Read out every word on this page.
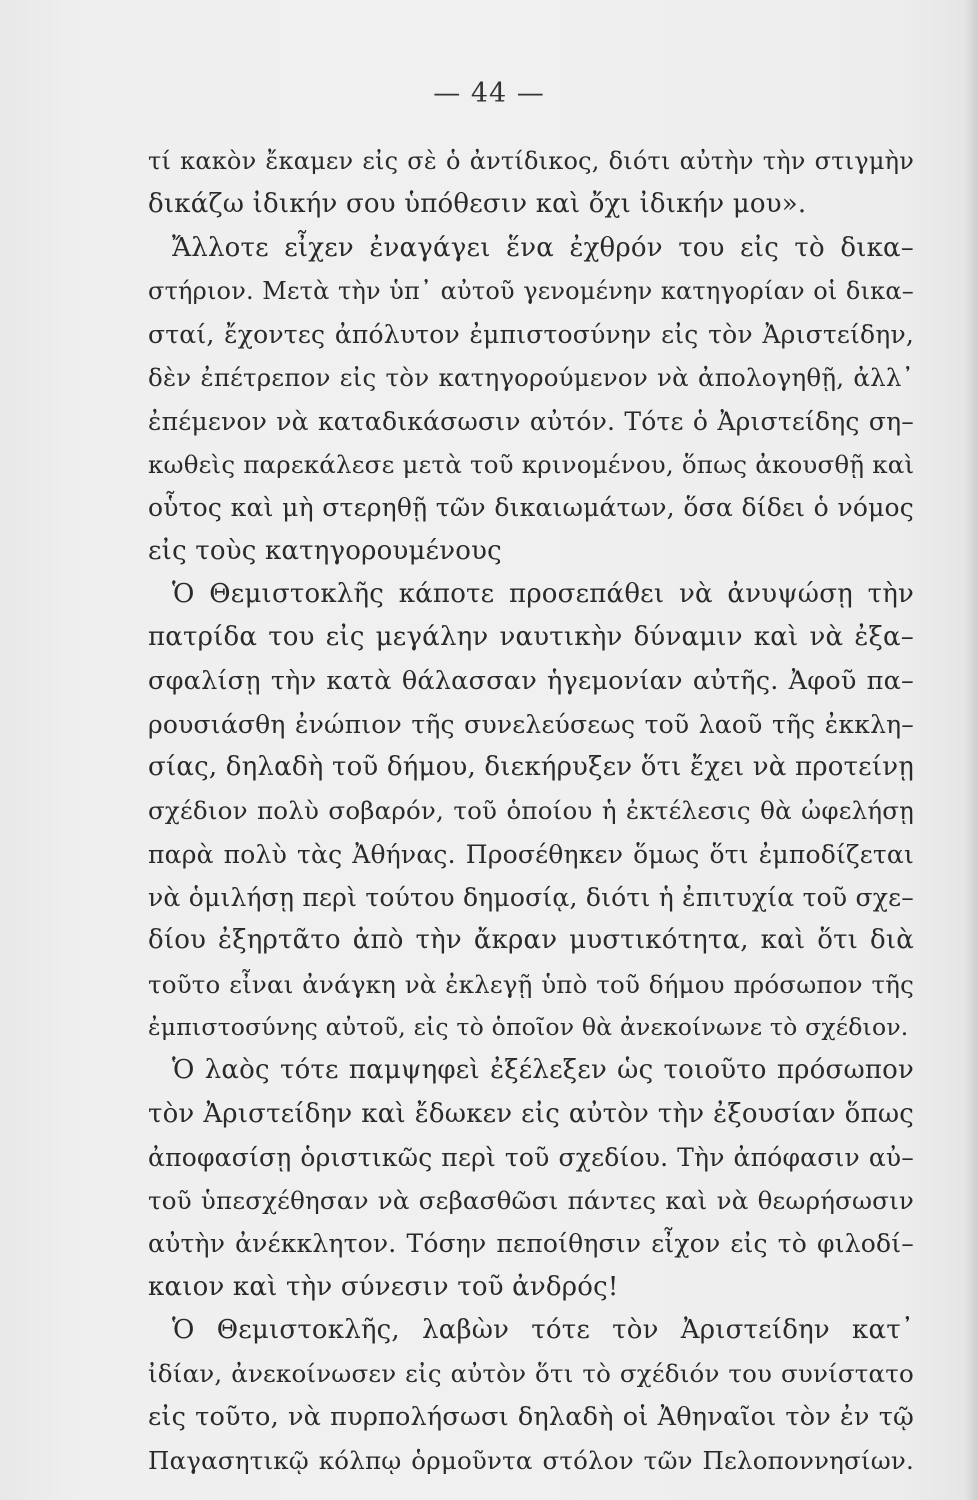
— 44 —
τί κακὸν ἔκαμεν εἰς σὲ ὁ ἀντίδικος, διότι αὐτὴν τὴν στιγμὴν
δικάζω ἰδικήν σου ὑπόθεσιν καὶ ὄχι ἰδικήν μου».
Ἄλλοτε εἶχεν ἐναγάγει ἕνα ἐχθρόν του εἰς τὸ δικα–
στήριον. Μετὰ τὴν ὑπ᾽ αὐτοῦ γενομένην κατηγορίαν οἱ δικα–
σταί, ἔχοντες ἀπόλυτον ἐμπιστοσύνην εἰς τὸν Ἀριστείδην,
δὲν ἐπέτρεπον εἰς τὸν κατηγορούμενον νὰ ἀπολογηθῇ, ἀλλ᾽
ἐπέμενον νὰ καταδικάσωσιν αὐτόν. Τότε ὁ Ἀριστείδης ση–
κωθεὶς παρεκάλεσε μετὰ τοῦ κρινομένου, ὅπως ἀκουσθῇ καὶ
οὗτος καὶ μὴ στερηθῇ τῶν δικαιωμάτων, ὅσα δίδει ὁ νόμος
εἰς τοὺς κατηγορουμένους
Ὁ Θεμιστοκλῆς κάποτε προσεπάθει νὰ ἀνυψώσῃ τὴν
πατρίδα του εἰς μεγάλην ναυτικὴν δύναμιν καὶ νὰ ἐξα–
σφαλίσῃ τὴν κατὰ θάλασσαν ἡγεμονίαν αὐτῆς. Ἀφοῦ πα–
ρουσιάσθη ἐνώπιον τῆς συνελεύσεως τοῦ λαοῦ τῆς ἐκκλη–
σίας, δηλαδὴ τοῦ δήμου, διεκήρυξεν ὅτι ἔχει νὰ προτείνῃ
σχέδιον πολὺ σοβαρόν, τοῦ ὁποίου ἡ ἐκτέλεσις θὰ ὠφελήσῃ
παρὰ πολὺ τὰς Ἀθήνας. Προσέθηκεν ὅμως ὅτι ἐμποδίζεται
νὰ ὁμιλήσῃ περὶ τούτου δημοσίᾳ, διότι ἡ ἐπιτυχία τοῦ σχε–
δίου ἐξηρτᾶτο ἀπὸ τὴν ἄκραν μυστικότητα, καὶ ὅτι διὰ
τοῦτο εἶναι ἀνάγκη νὰ ἐκλεγῇ ὑπὸ τοῦ δήμου πρόσωπον τῆς
ἐμπιστοσύνης αὐτοῦ, εἰς τὸ ὁποῖον θὰ ἀνεκοίνωνε τὸ σχέδιον.
Ὁ λαὸς τότε παμψηφεὶ ἐξέλεξεν ὡς τοιοῦτο πρόσωπον
τὸν Ἀριστείδην καὶ ἔδωκεν εἰς αὐτὸν τὴν ἐξουσίαν ὅπως
ἀποφασίσῃ ὁριστικῶς περὶ τοῦ σχεδίου. Τὴν ἀπόφασιν αὐ–
τοῦ ὑπεσχέθησαν νὰ σεβασθῶσι πάντες καὶ νὰ θεωρήσωσιν
αὐτὴν ἀνέκκλητον. Τόσην πεποίθησιν εἶχον εἰς τὸ φιλοδί–
καιον καὶ τὴν σύνεσιν τοῦ ἀνδρός!
Ὁ Θεμιστοκλῆς, λαβὼν τότε τὸν Ἀριστείδην κατ᾽
ἰδίαν, ἀνεκοίνωσεν εἰς αὐτὸν ὅτι τὸ σχέδιόν του συνίστατο
εἰς τοῦτο, νὰ πυρπολήσωσι δηλαδὴ οἱ Ἀθηναῖοι τὸν ἐν τῷ
Παγασητικῷ κόλπῳ ὁρμοῦντα στόλον τῶν Πελοποννησίων.
